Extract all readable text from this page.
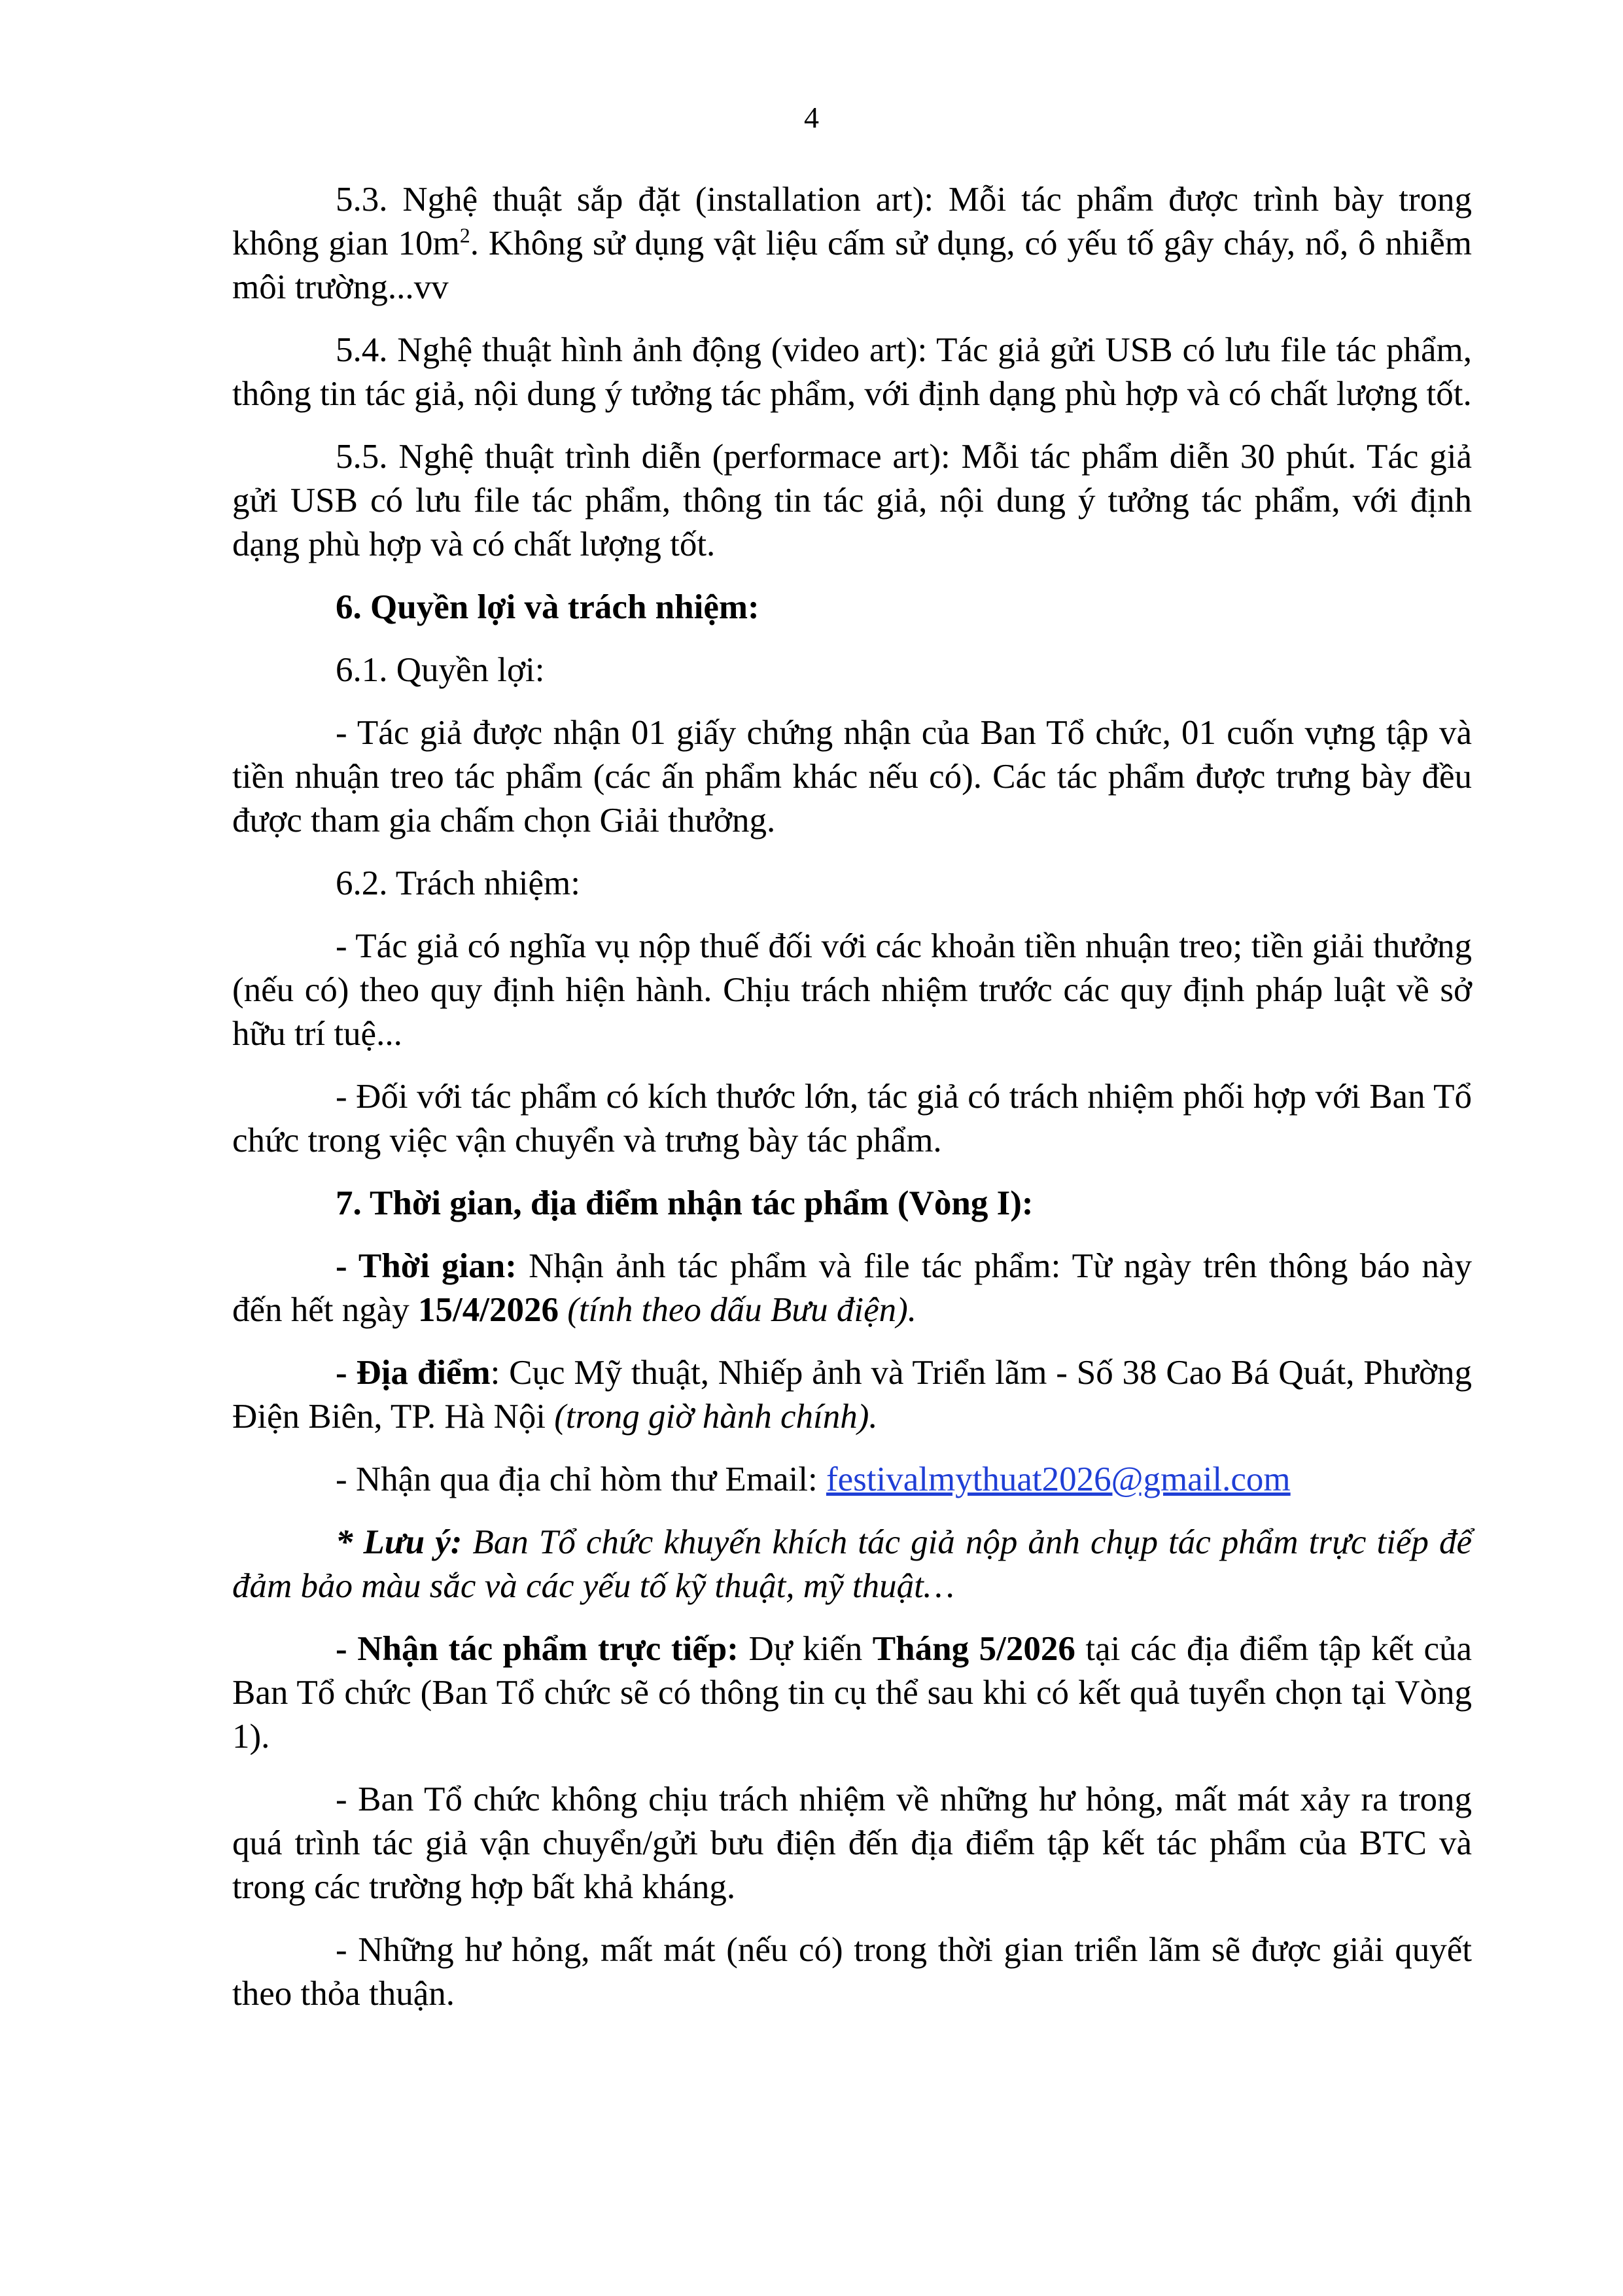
4

5.3. Nghệ thuật sắp đặt (installation art): Mỗi tác phẩm được trình bày trong không gian $10m^2$. Không sử dụng vật liệu cấm sử dụng, có yếu tố gây cháy, nổ, ô nhiễm môi trường...vv

5.4. Nghệ thuật hình ảnh động (video art): Tác giả gửi USB có lưu file tác phẩm, thông tin tác giả, nội dung ý tưởng tác phẩm, với định dạng phù hợp và có chất lượng tốt.

5.5. Nghệ thuật trình diễn (performace art): Mỗi tác phẩm diễn 30 phút. Tác giả gửi USB có lưu file tác phẩm, thông tin tác giả, nội dung ý tưởng tác phẩm, với định dạng phù hợp và có chất lượng tốt.

6. Quyền lợi và trách nhiệm:

6.1. Quyền lợi:

- Tác giả được nhận 01 giấy chứng nhận của Ban Tổ chức, 01 cuốn vựng tập và tiền nhuận treo tác phẩm (các ấn phẩm khác nếu có). Các tác phẩm được trưng bày đều được tham gia chấm chọn Giải thưởng.

6.2. Trách nhiệm:

- Tác giả có nghĩa vụ nộp thuế đối với các khoản tiền nhuận treo; tiền giải thưởng (nếu có) theo quy định hiện hành. Chịu trách nhiệm trước các quy định pháp luật về sở hữu trí tuệ...

- Đối với tác phẩm có kích thước lớn, tác giả có trách nhiệm phối hợp với Ban Tổ chức trong việc vận chuyển và trưng bày tác phẩm.

7. Thời gian, địa điểm nhận tác phẩm (Vòng I):

- Thời gian: Nhận ảnh tác phẩm và file tác phẩm: Từ ngày trên thông báo này đến hết ngày 15/4/2026 (tính theo dấu Bưu điện).

- Địa điểm: Cục Mỹ thuật, Nhiếp ảnh và Triển lãm - Số 38 Cao Bá Quát, Phường Điện Biên, TP. Hà Nội (trong giờ hành chính).

- Nhận qua địa chỉ hòm thư Email: festivalmythuat2026@gmail.com

* Lưu ý: Ban Tổ chức khuyến khích tác giả nộp ảnh chụp tác phẩm trực tiếp để đảm bảo màu sắc và các yếu tố kỹ thuật, mỹ thuật…

- Nhận tác phẩm trực tiếp: Dự kiến Tháng 5/2026 tại các địa điểm tập kết của Ban Tổ chức (Ban Tổ chức sẽ có thông tin cụ thể sau khi có kết quả tuyển chọn tại Vòng 1).

- Ban Tổ chức không chịu trách nhiệm về những hư hỏng, mất mát xảy ra trong quá trình tác giả vận chuyển/gửi bưu điện đến địa điểm tập kết tác phẩm của BTC và trong các trường hợp bất khả kháng.

- Những hư hỏng, mất mát (nếu có) trong thời gian triển lãm sẽ được giải quyết theo thỏa thuận.
